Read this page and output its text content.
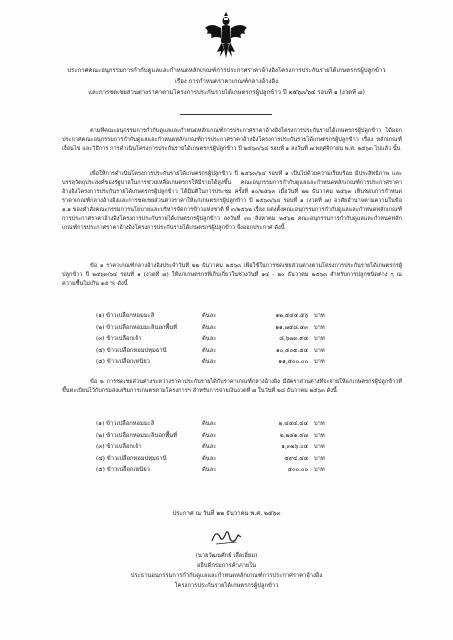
ประกาศคณะอนุกรรมการกำกับดูแลและกำหนดหลักเกณฑ์การประกาศราคาอ้างอิงโครงการประกันรายได้เกษตรกรผู้ปลูกข้าว
เรื่อง การกำหนดราคาเกณฑ์กลางอ้างอิง
และการชดเชยส่วนต่างราคาตามโครงการประกันรายได้เกษตรกรผู้ปลูกข้าว ปี ๒๕๖๓/๖๔ รอบที่ ๑ (งวดที่ ๗)

ตามที่คณะอนุกรรมการกำกับดูแลและกำหนดหลักเกณฑ์การประกาศราคาอ้างอิงโครงการประกันรายได้เกษตรกรผู้ปลูกข้าว ได้ออกประกาศคณะอนุกรรมการกำกับดูแลและกำหนดหลักเกณฑ์การประกาศราคาอ้างอิงโครงการประกันรายได้เกษตรกรผู้ปลูกข้าว เรื่อง หลักเกณฑ์ เงื่อนไข และวิธีการ การดำเนินโครงการประกันรายได้เกษตรกรผู้ปลูกข้าว ปี ๒๕๖๓/๖๔ รอบที่ ๑ ลงวันที่ ๗ พฤศจิกายน พ.ศ. ๒๕๖๓ ไปแล้ว นั้น

เพื่อให้การดำเนินโครงการประกันรายได้เกษตรกรผู้ปลูกข้าว ปี ๒๕๖๓/๖๔ รอบที่ ๑ เป็นไปด้วยความเรียบร้อย มีประสิทธิภาพ และบรรลุวัตถุประสงค์ของรัฐบาลในการช่วยเหลือเกษตรกรให้มีรายได้สูงขึ้น คณะอนุกรรมการกำกับดูแลและกำหนดหลักเกณฑ์การประกาศราคาอ้างอิงโครงการประกันรายได้เกษตรกรผู้ปลูกข้าว ได้มีมติในการประชุม ครั้งที่ ๑๐/๒๕๖๓ เมื่อวันที่ ๒๒ ธันวาคม ๒๕๖๓ เห็นชอบการกำหนดราคาเกณฑ์กลางอ้างอิงและการชดเชยส่วนต่างราคาให้แก่เกษตรกรผู้ปลูกข้าว ปี ๒๕๖๓/๖๔ รอบที่ ๑ (งวดที่ ๗) อาศัยอำนาจตามความในข้อ ๑.๑ ของคำสั่งคณะกรรมการนโยบายและบริหารจัดการข้าวแห่งชาติ ที่ ๓/๒๕๖๒ เรื่อง แต่งตั้งคณะอนุกรรมการกำกับดูแลและกำหนดหลักเกณฑ์การประกาศราคาอ้างอิงโครงการประกันรายได้เกษตรกรผู้ปลูกข้าว ลงวันที่ ๓๐ สิงหาคม ๒๕๖๒ คณะอนุกรรมการกำกับดูแลและกำหนดหลักเกณฑ์การประกาศราคาอ้างอิงโครงการประกันรายได้เกษตรกรผู้ปลูกข้าว จึงออกประกาศ ดังนี้

ข้อ ๑ ราคาเกณฑ์กลางอ้างอิงประจำวันที่ ๒๒ ธันวาคม ๒๕๖๓ เพื่อใช้ในการชดเชยส่วนต่างตามโครงการประกันรายได้เกษตรกรผู้ปลูกข้าว ปี ๒๕๖๓/๖๔ รอบที่ ๑ (งวดที่ ๗) ให้แก่เกษตรกรที่เก็บเกี่ยวในช่วงวันที่ ๑๔ - ๒๐ ธันวาคม ๒๕๖๓ สำหรับการปลูกชนิดต่าง ๆ ณ ความชื้นไม่เกิน ๑๕ % ดังนี้

(๑) ข้าวเปลือกหอมมะลิ	ตันละ	๑๒,๕๔๕.๕๖ บาท
(๒) ข้าวเปลือกหอมมะลินอกพื้นที่	ตันละ	๑๑,๗๕๘.๕๓ บาท
(๓) ข้าวเปลือกเจ้า	ตันละ	๘,๖๗๓.๙๕ บาท
(๔) ข้าวเปลือกหอมปทุมธานี	ตันละ	๑๐,๕๐๕.๕๕ บาท
(๕) ข้าวเปลือกเหนียว	ตันละ	๑๑,๕๐๐.๐๐ บาท

ข้อ ๒ การชดเชยส่วนต่างระหว่างราคาประกันรายได้กับราคาเกณฑ์กลางอ้างอิง มีอัตราส่วนต่างที่จะจ่ายให้แก่เกษตรกรผู้ปลูกข้าวที่ขึ้นทะเบียนไว้กับกรมส่งเสริมการเกษตรตามโครงการฯ สำหรับการจ่ายเงินงวดที่ ๗ ในวันที่ ๒๘ ธันวาคม ๒๕๖๓ ดังนี้

(๑) ข้าวเปลือกหอมมะลิ	ตันละ	๒,๔๕๔.๔๔ บาท
(๒) ข้าวเปลือกหอมมะลินอกพื้นที่	ตันละ	๒,๒๔๑.๔๗ บาท
(๓) ข้าวเปลือกเจ้า	ตันละ	๑,๓๒๖.๐๕ บาท
(๔) ข้าวเปลือกหอมปทุมธานี	ตันละ	๕๙๔.๔๕ บาท
(๕) ข้าวเปลือกเหนียว	ตันละ	๕๐๐.๐๐ บาท
ประกาศ ณ วันที่ ๒๒ ธันวาคม พ.ศ. ๒๕๖๓
(นายวัฒนศักย์ เสือเอี่ยม)
อธิบดีกรมการค้าภายใน
ประธานอนุกรรมการกำกับดูแลและกำหนดหลักเกณฑ์การประกาศราคาอ้างอิง
โครงการประกันรายได้เกษตรกรผู้ปลูกข้าว
